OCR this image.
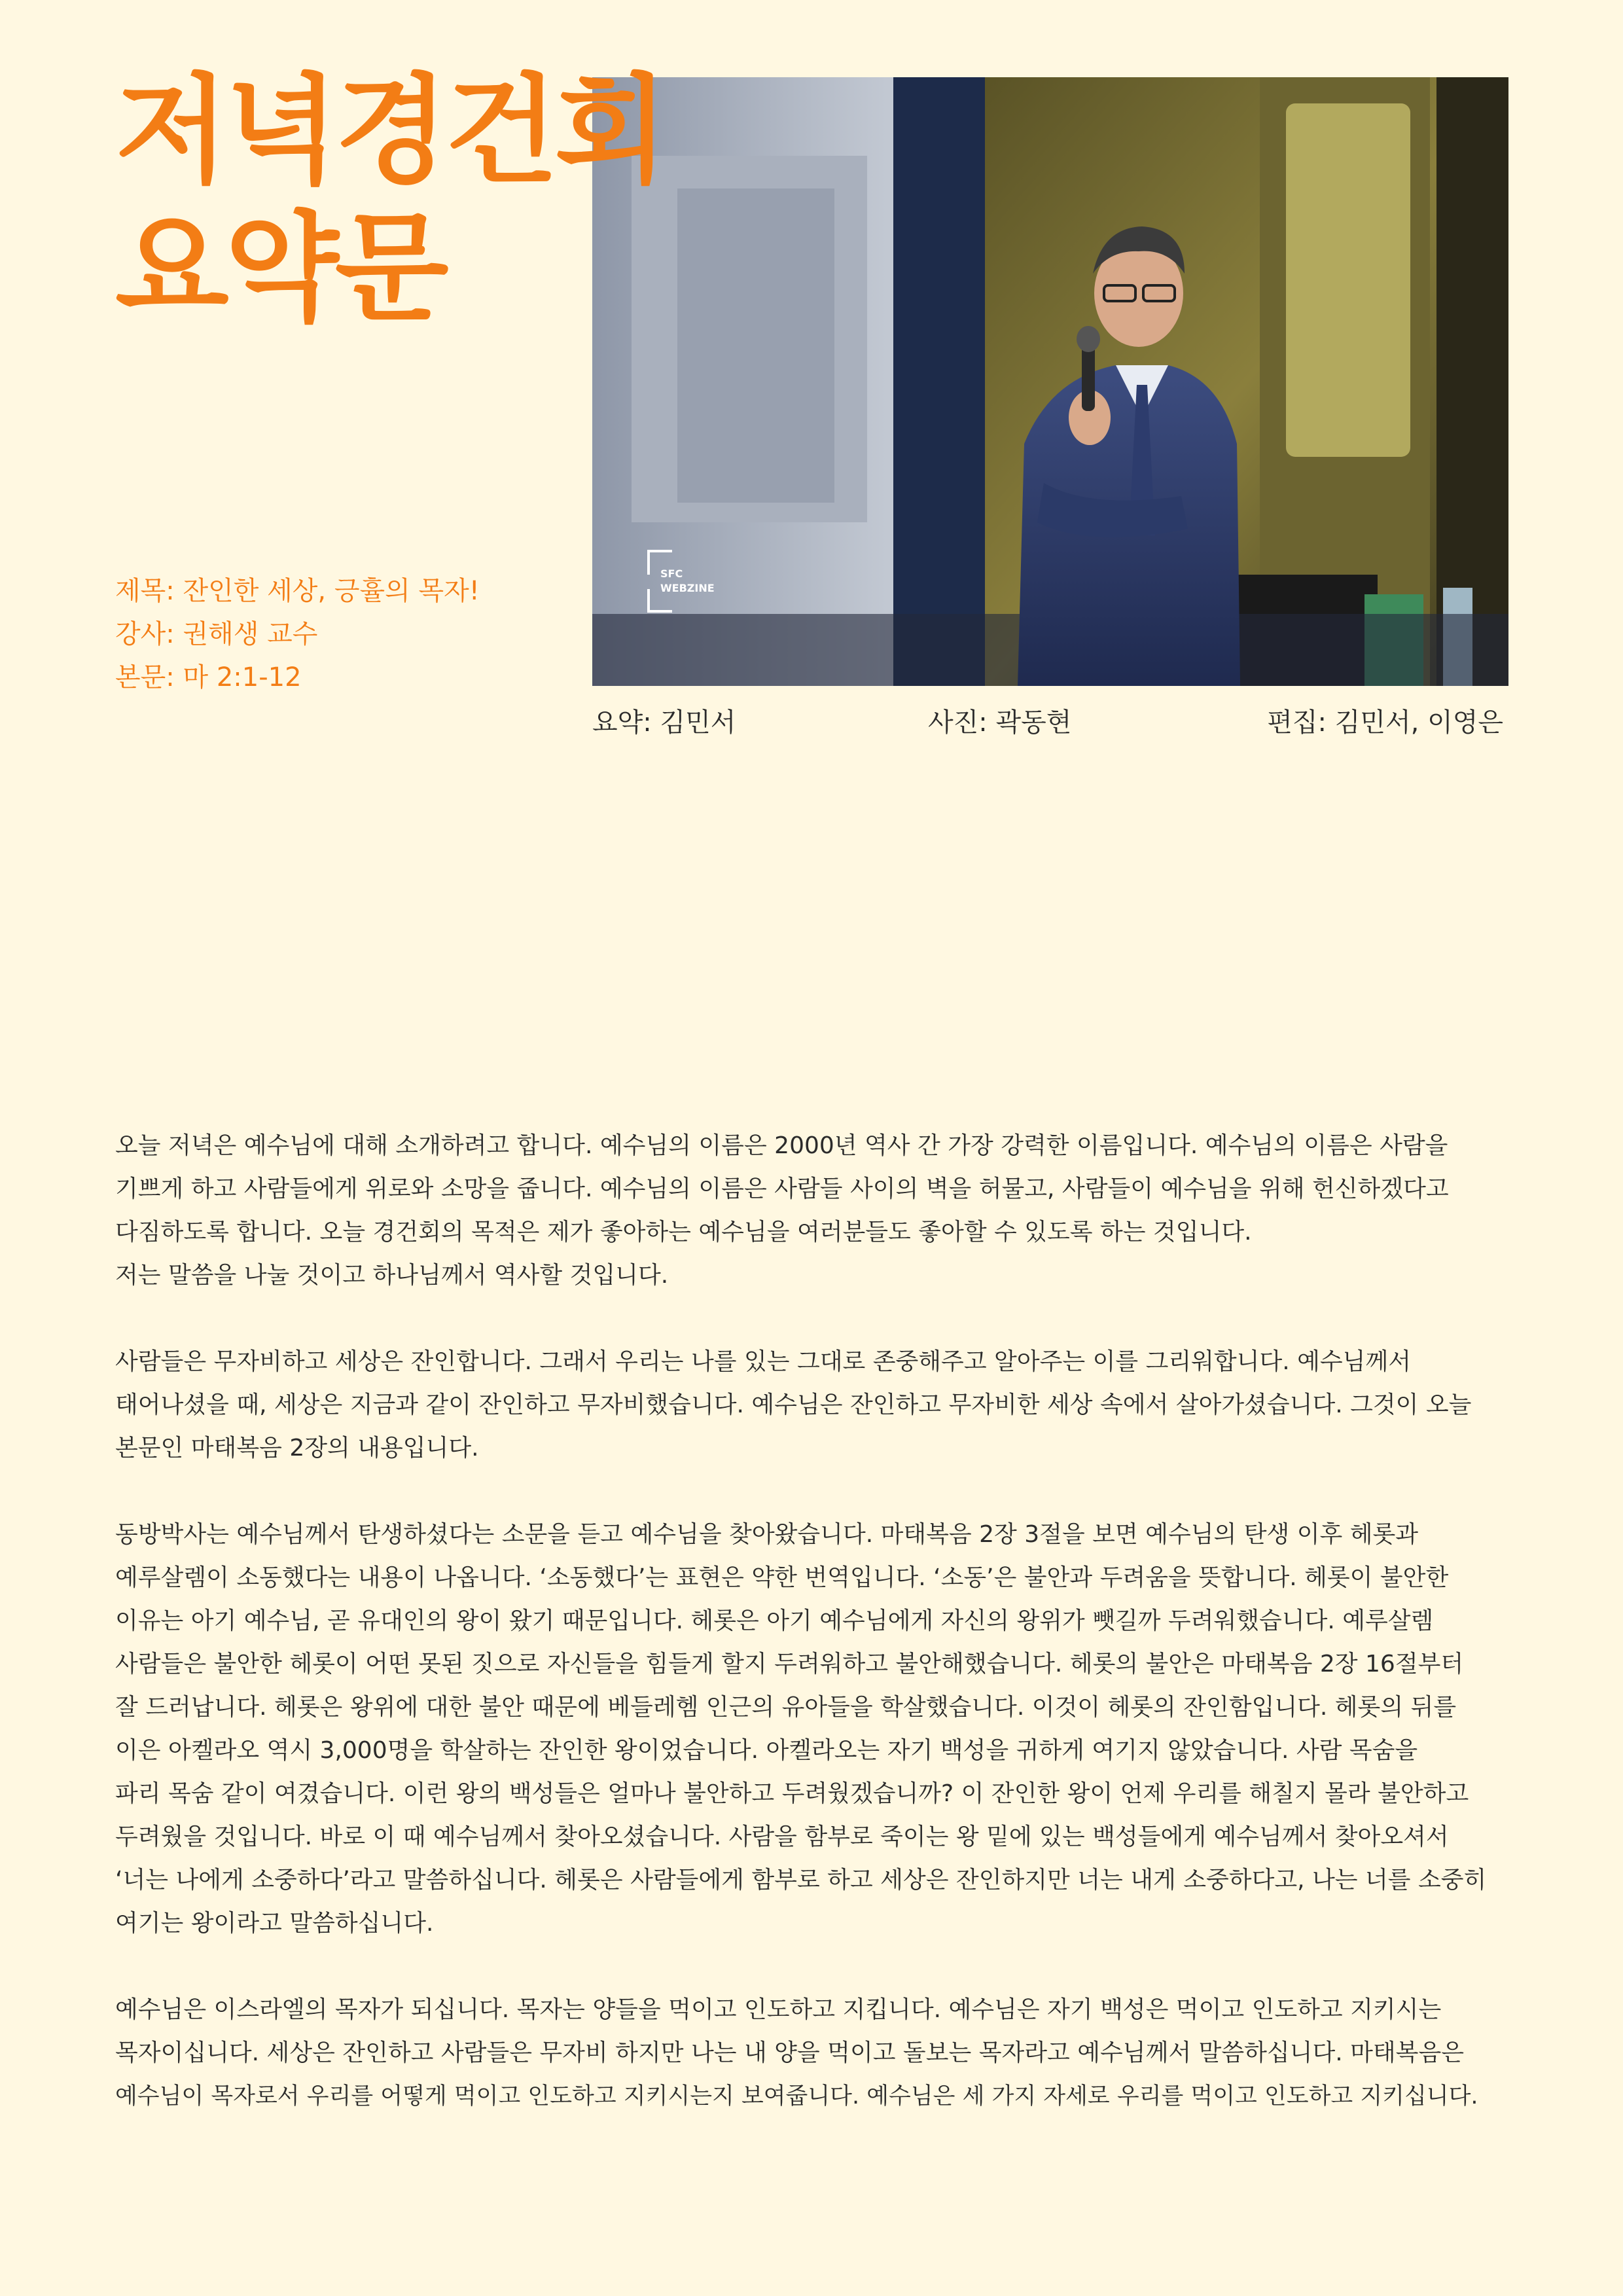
저녁경건회
요약문
SFC
WEBZINE
제목: 잔인한 세상, 긍휼의 목자!
강사: 권해생 교수
본문: 마 2:1-12
요약: 김민서	사진: 곽동현	편집: 김민서, 이영은

오늘 저녁은 예수님에 대해 소개하려고 합니다. 예수님의 이름은 2000년 역사 간 가장 강력한 이름입니다. 예수님의 이름은 사람을
기쁘게 하고 사람들에게 위로와 소망을 줍니다. 예수님의 이름은 사람들 사이의 벽을 허물고, 사람들이 예수님을 위해 헌신하겠다고
다짐하도록 합니다. 오늘 경건회의 목적은 제가 좋아하는 예수님을 여러분들도 좋아할 수 있도록 하는 것입니다.
저는 말씀을 나눌 것이고 하나님께서 역사할 것입니다.

사람들은 무자비하고 세상은 잔인합니다. 그래서 우리는 나를 있는 그대로 존중해주고 알아주는 이를 그리워합니다. 예수님께서
태어나셨을 때, 세상은 지금과 같이 잔인하고 무자비했습니다. 예수님은 잔인하고 무자비한 세상 속에서 살아가셨습니다. 그것이 오늘
본문인 마태복음 2장의 내용입니다.

동방박사는 예수님께서 탄생하셨다는 소문을 듣고 예수님을 찾아왔습니다. 마태복음 2장 3절을 보면 예수님의 탄생 이후 헤롯과
예루살렘이 소동했다는 내용이 나옵니다. ‘소동했다’는 표현은 약한 번역입니다. ‘소동’은 불안과 두려움을 뜻합니다. 헤롯이 불안한
이유는 아기 예수님, 곧 유대인의 왕이 왔기 때문입니다. 헤롯은 아기 예수님에게 자신의 왕위가 뺏길까 두려워했습니다. 예루살렘
사람들은 불안한 헤롯이 어떤 못된 짓으로 자신들을 힘들게 할지 두려워하고 불안해했습니다. 헤롯의 불안은 마태복음 2장 16절부터
잘 드러납니다. 헤롯은 왕위에 대한 불안 때문에 베들레헴 인근의 유아들을 학살했습니다. 이것이 헤롯의 잔인함입니다. 헤롯의 뒤를
이은 아켈라오 역시 3,000명을 학살하는 잔인한 왕이었습니다. 아켈라오는 자기 백성을 귀하게 여기지 않았습니다. 사람 목숨을
파리 목숨 같이 여겼습니다. 이런 왕의 백성들은 얼마나 불안하고 두려웠겠습니까? 이 잔인한 왕이 언제 우리를 해칠지 몰라 불안하고
두려웠을 것입니다. 바로 이 때 예수님께서 찾아오셨습니다. 사람을 함부로 죽이는 왕 밑에 있는 백성들에게 예수님께서 찾아오셔서
‘너는 나에게 소중하다’라고 말씀하십니다. 헤롯은 사람들에게 함부로 하고 세상은 잔인하지만 너는 내게 소중하다고, 나는 너를 소중히
여기는 왕이라고 말씀하십니다.

예수님은 이스라엘의 목자가 되십니다. 목자는 양들을 먹이고 인도하고 지킵니다. 예수님은 자기 백성은 먹이고 인도하고 지키시는
목자이십니다. 세상은 잔인하고 사람들은 무자비 하지만 나는 내 양을 먹이고 돌보는 목자라고 예수님께서 말씀하십니다. 마태복음은
예수님이 목자로서 우리를 어떻게 먹이고 인도하고 지키시는지 보여줍니다. 예수님은 세 가지 자세로 우리를 먹이고 인도하고 지키십니다.
